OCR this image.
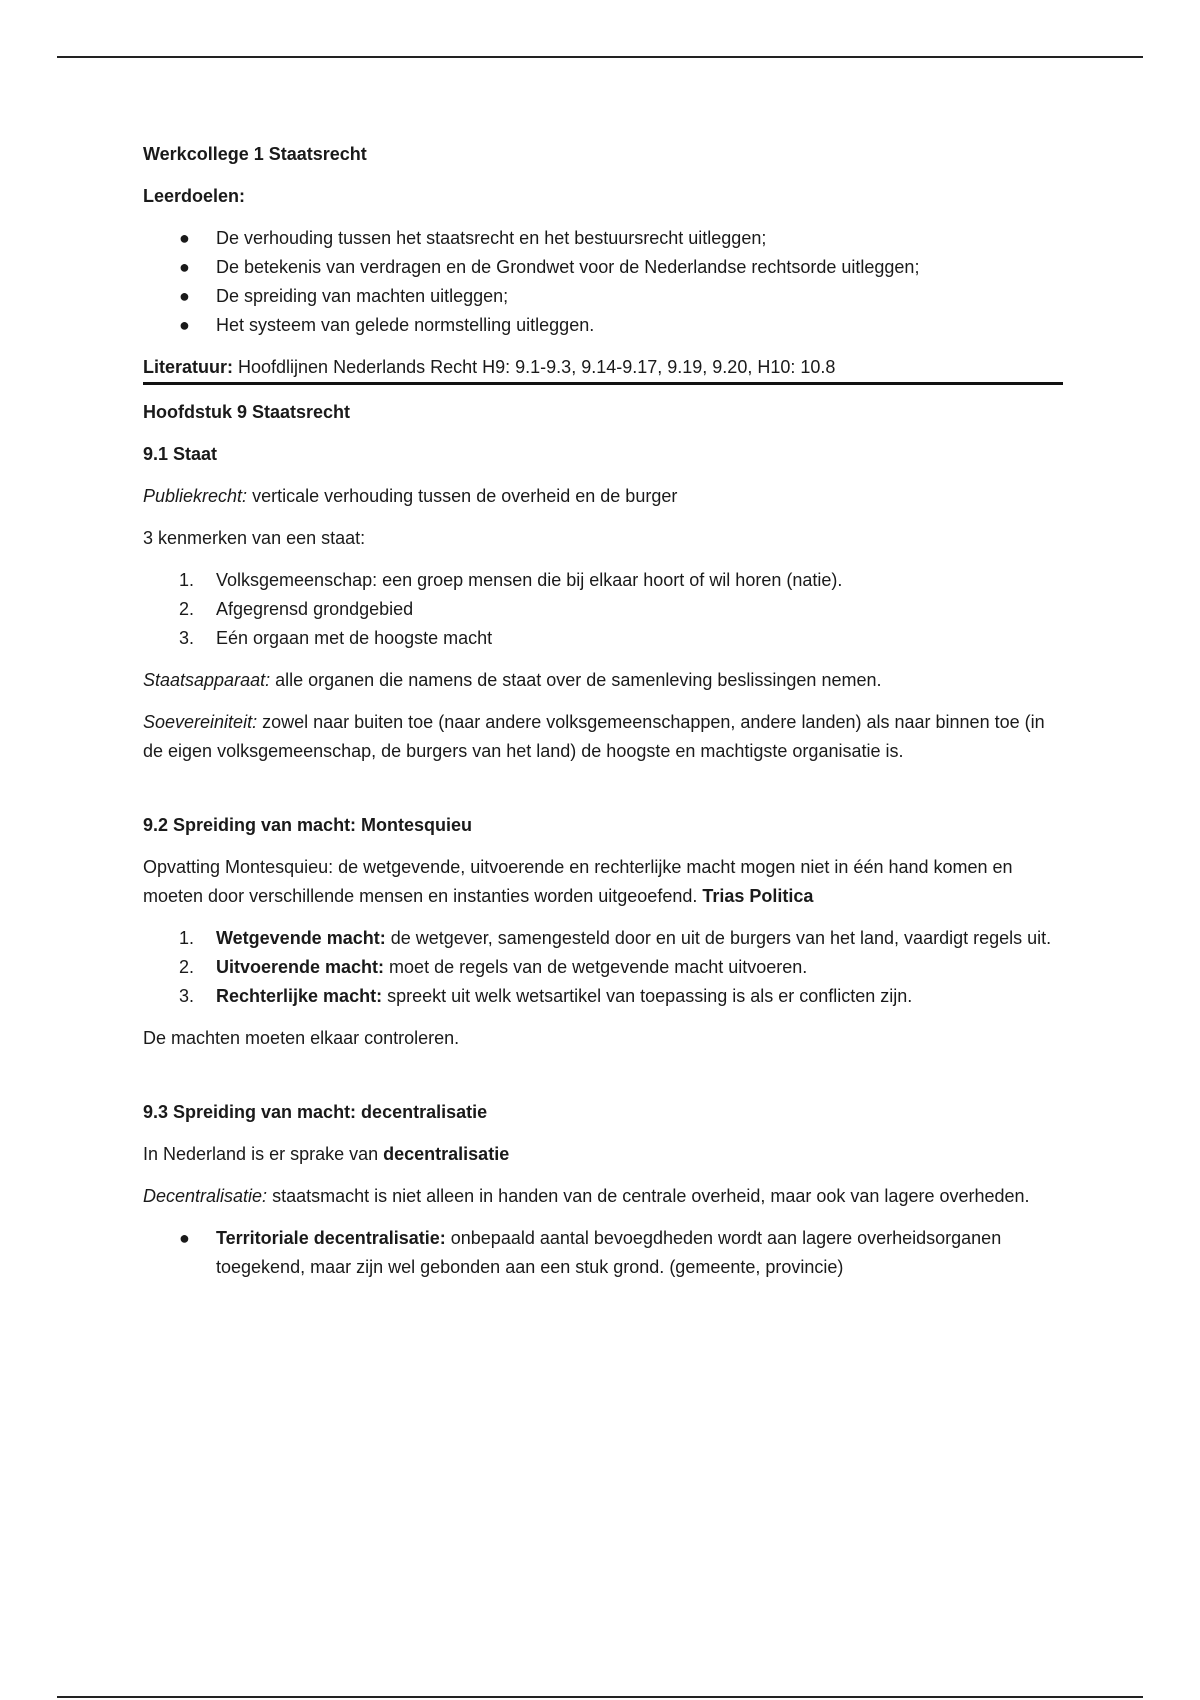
Werkcollege 1 Staatsrecht

Leerdoelen:

●	De verhouding tussen het staatsrecht en het bestuursrecht uitleggen;
●	De betekenis van verdragen en de Grondwet voor de Nederlandse rechtsorde uitleggen;
●	De spreiding van machten uitleggen;
●	Het systeem van gelede normstelling uitleggen.

Literatuur: Hoofdlijnen Nederlands Recht H9: 9.1-9.3, 9.14-9.17, 9.19, 9.20, H10: 10.8

Hoofdstuk 9 Staatsrecht

9.1 Staat

Publiekrecht: verticale verhouding tussen de overheid en de burger

3 kenmerken van een staat:

1.	Volksgemeenschap: een groep mensen die bij elkaar hoort of wil horen (natie).
2.	Afgegrensd grondgebied
3.	Eén orgaan met de hoogste macht

Staatsapparaat: alle organen die namens de staat over de samenleving beslissingen nemen.

Soevereiniteit: zowel naar buiten toe (naar andere volksgemeenschappen, andere landen) als naar binnen toe (in de eigen volksgemeenschap, de burgers van het land) de hoogste en machtigste organisatie is.

9.2 Spreiding van macht: Montesquieu

Opvatting Montesquieu: de wetgevende, uitvoerende en rechterlijke macht mogen niet in één hand komen en moeten door verschillende mensen en instanties worden uitgeoefend. Trias Politica

1.	Wetgevende macht: de wetgever, samengesteld door en uit de burgers van het land, vaardigt regels uit.
2.	Uitvoerende macht: moet de regels van de wetgevende macht uitvoeren.
3.	Rechterlijke macht: spreekt uit welk wetsartikel van toepassing is als er conflicten zijn.

De machten moeten elkaar controleren.

9.3 Spreiding van macht: decentralisatie

In Nederland is er sprake van decentralisatie

Decentralisatie: staatsmacht is niet alleen in handen van de centrale overheid, maar ook van lagere overheden.

●	Territoriale decentralisatie: onbepaald aantal bevoegdheden wordt aan lagere overheidsorganen toegekend, maar zijn wel gebonden aan een stuk grond. (gemeente, provincie)
